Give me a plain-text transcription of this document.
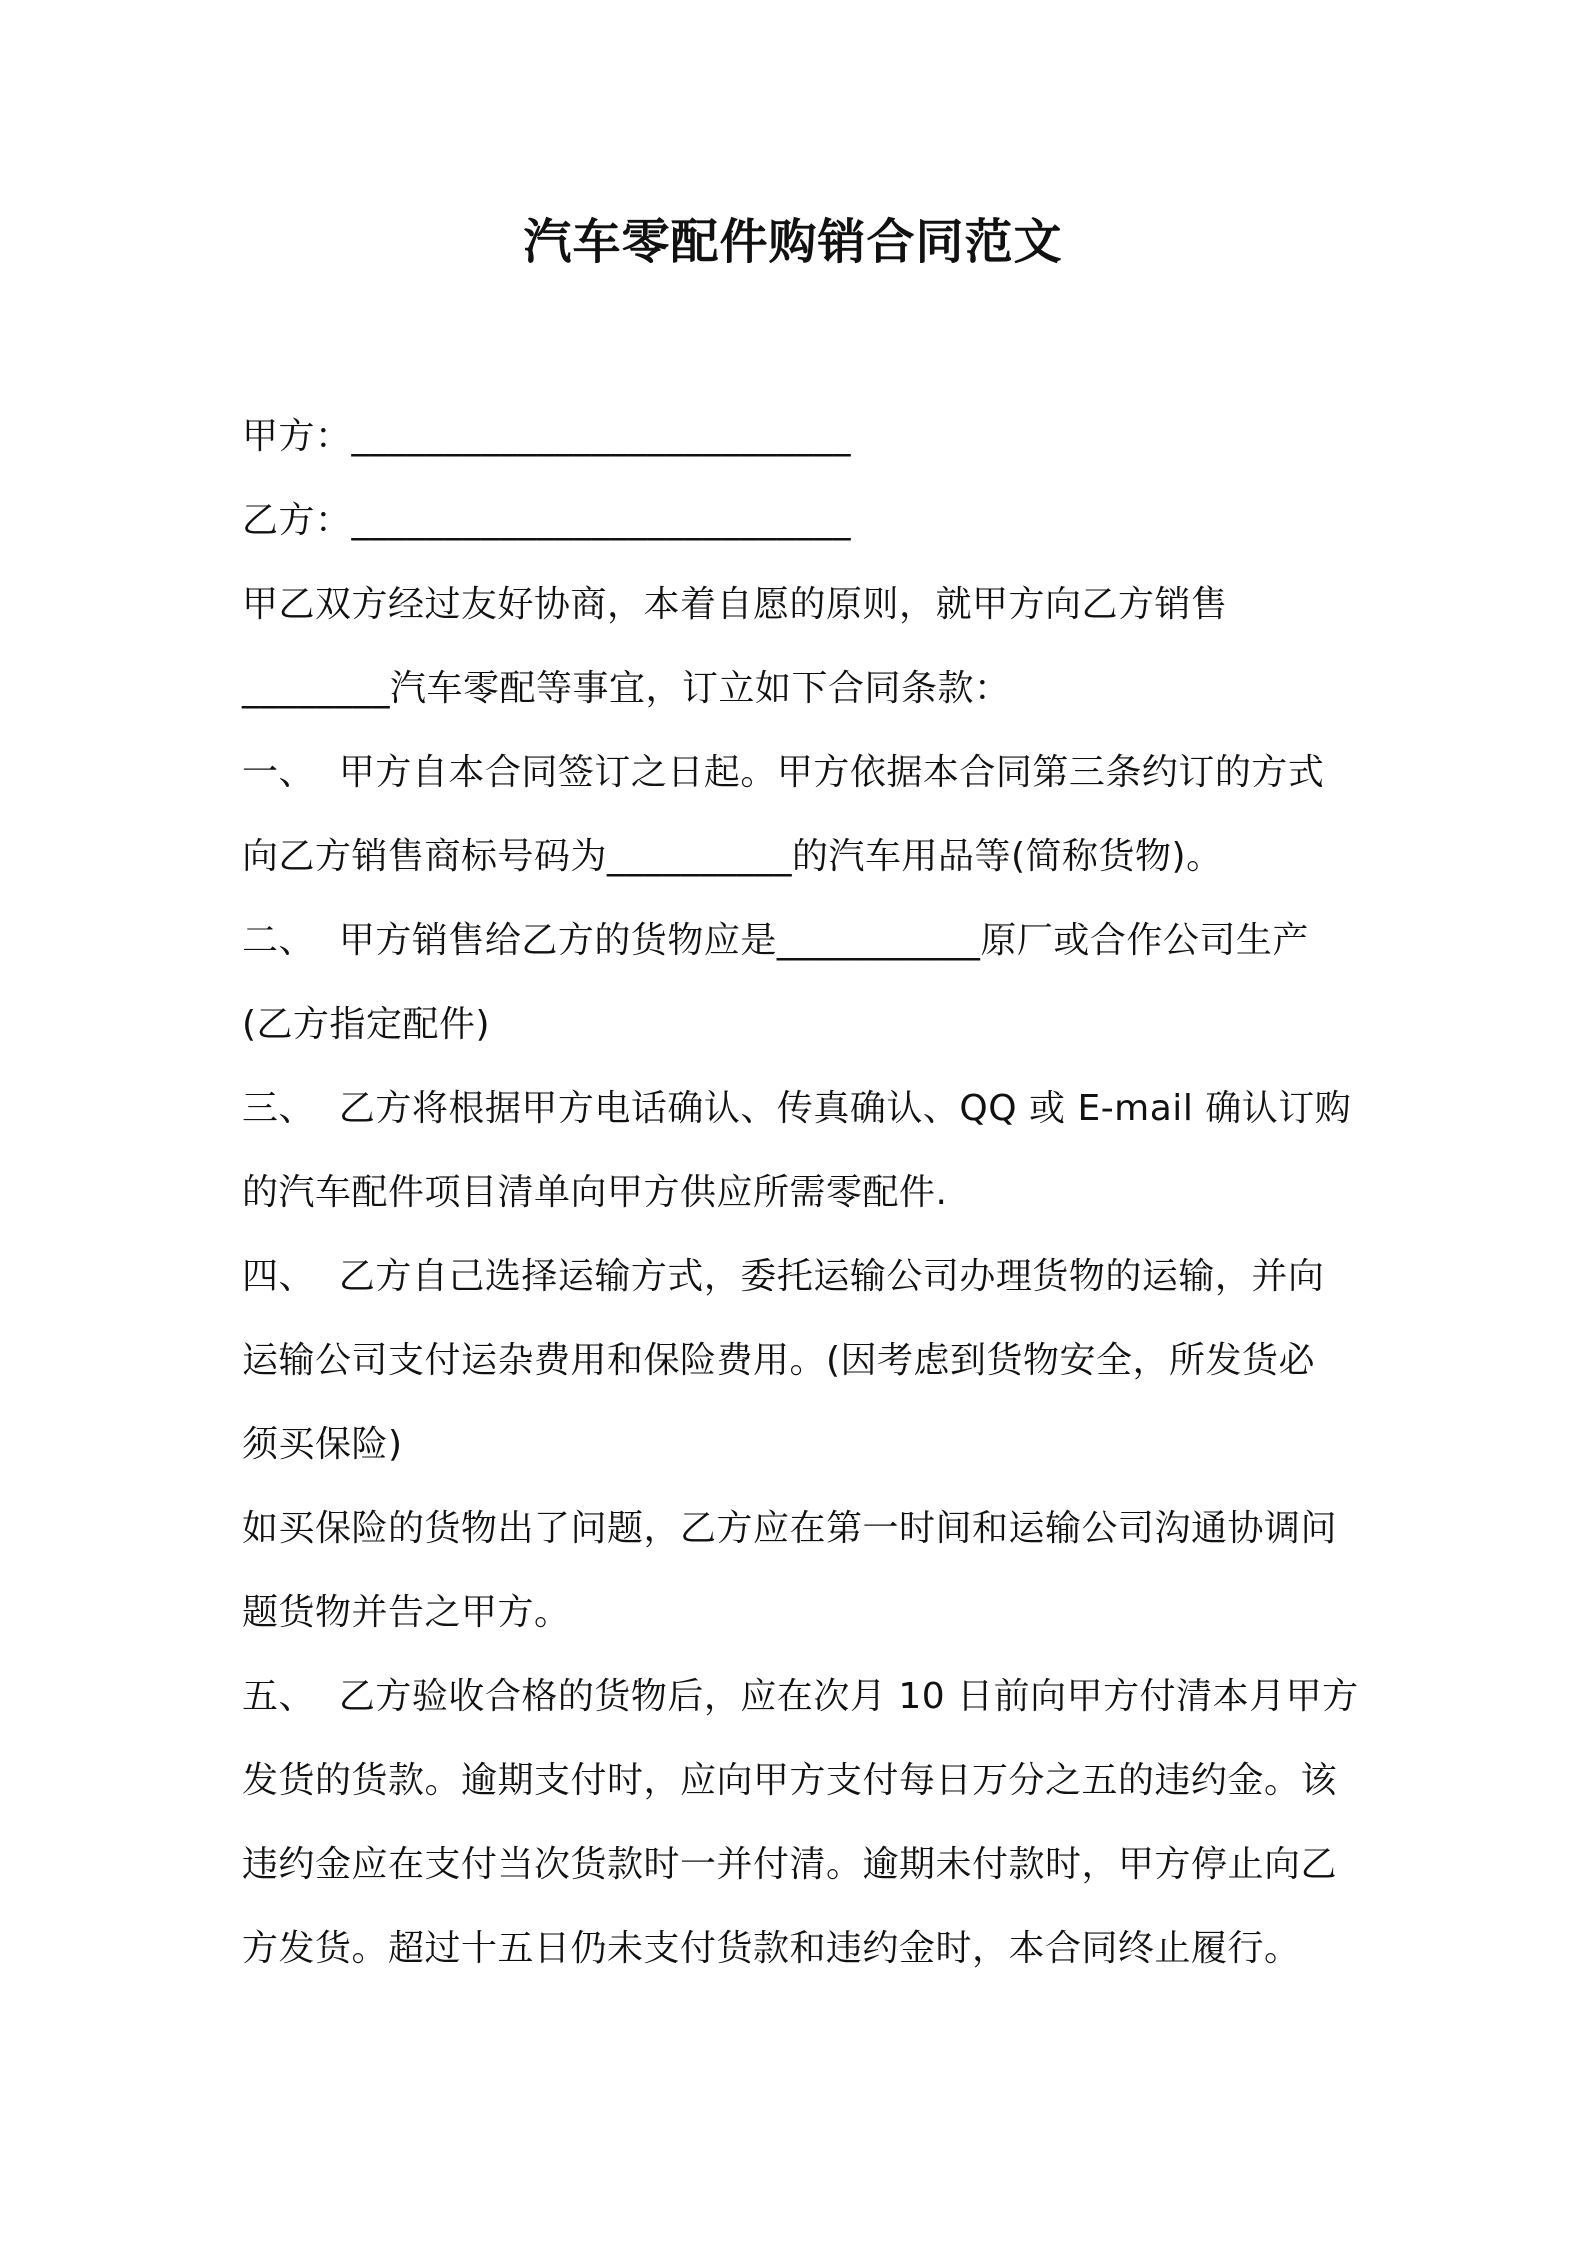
汽车零配件购销合同范文
甲方：___________________________
乙方：___________________________
甲乙双方经过友好协商，本着自愿的原则，就甲方向乙方销售
________汽车零配等事宜，订立如下合同条款：
一、  甲方自本合同签订之日起。甲方依据本合同第三条约订的方式
向乙方销售商标号码为__________的汽车用品等(简称货物)。
二、  甲方销售给乙方的货物应是___________原厂或合作公司生产
(乙方指定配件)
三、  乙方将根据甲方电话确认、传真确认、QQ 或 E-mail 确认订购
的汽车配件项目清单向甲方供应所需零配件.
四、  乙方自己选择运输方式，委托运输公司办理货物的运输，并向
运输公司支付运杂费用和保险费用。(因考虑到货物安全，所发货必
须买保险)
如买保险的货物出了问题，乙方应在第一时间和运输公司沟通协调问
题货物并告之甲方。
五、  乙方验收合格的货物后，应在次月 10 日前向甲方付清本月甲方
发货的货款。逾期支付时，应向甲方支付每日万分之五的违约金。该
违约金应在支付当次货款时一并付清。逾期未付款时，甲方停止向乙
方发货。超过十五日仍未支付货款和违约金时，本合同终止履行。
